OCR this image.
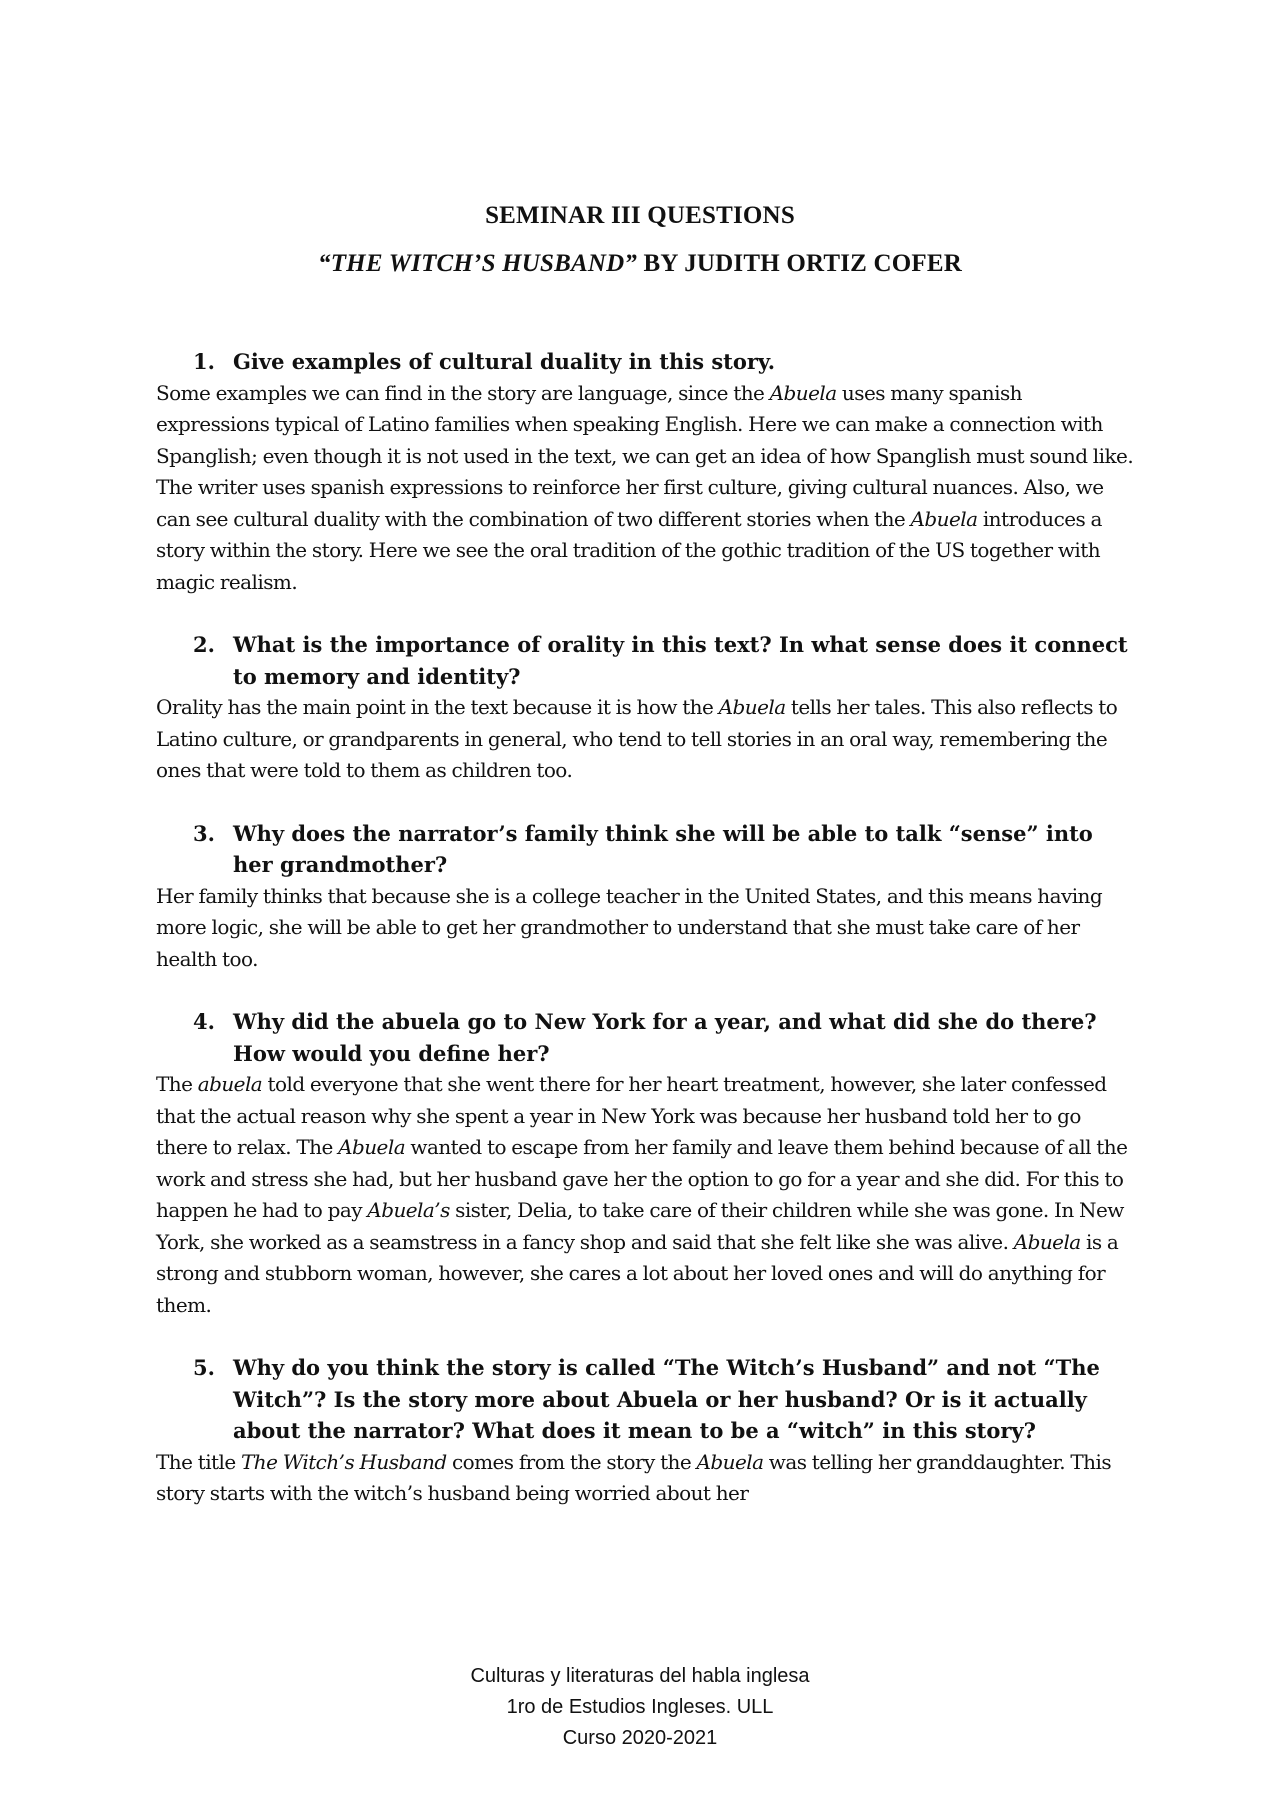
SEMINAR III QUESTIONS
“THE WITCH’S HUSBAND” BY JUDITH ORTIZ COFER
1. Give examples of cultural duality in this story.
Some examples we can find in the story are language, since the Abuela uses many spanish expressions typical of Latino families when speaking English. Here we can make a connection with Spanglish; even though it is not used in the text, we can get an idea of how Spanglish must sound like. The writer uses spanish expressions to reinforce her first culture, giving cultural nuances. Also, we can see cultural duality with the combination of two different stories when the Abuela introduces a story within the story. Here we see the oral tradition of the gothic tradition of the US together with magic realism.
2. What is the importance of orality in this text? In what sense does it connect to memory and identity?
Orality has the main point in the text because it is how the Abuela tells her tales. This also reflects to Latino culture, or grandparents in general, who tend to tell stories in an oral way, remembering the ones that were told to them as children too.
3. Why does the narrator’s family think she will be able to talk “sense” into her grandmother?
Her family thinks that because she is a college teacher in the United States, and this means having more logic, she will be able to get her grandmother to understand that she must take care of her health too.
4. Why did the abuela go to New York for a year, and what did she do there? How would you define her?
The abuela told everyone that she went there for her heart treatment, however, she later confessed that the actual reason why she spent a year in New York was because her husband told her to go there to relax. The Abuela wanted to escape from her family and leave them behind because of all the work and stress she had, but her husband gave her the option to go for a year and she did. For this to happen he had to pay Abuela’s sister, Delia, to take care of their children while she was gone. In New York, she worked as a seamstress in a fancy shop and said that she felt like she was alive. Abuela is a strong and stubborn woman, however, she cares a lot about her loved ones and will do anything for them.
5. Why do you think the story is called “The Witch’s Husband” and not “The Witch”? Is the story more about Abuela or her husband? Or is it actually about the narrator? What does it mean to be a “witch” in this story?
The title The Witch’s Husband comes from the story the Abuela was telling her granddaughter. This story starts with the witch’s husband being worried about her
Culturas y literaturas del habla inglesa
1ro de Estudios Ingleses. ULL
Curso 2020-2021
